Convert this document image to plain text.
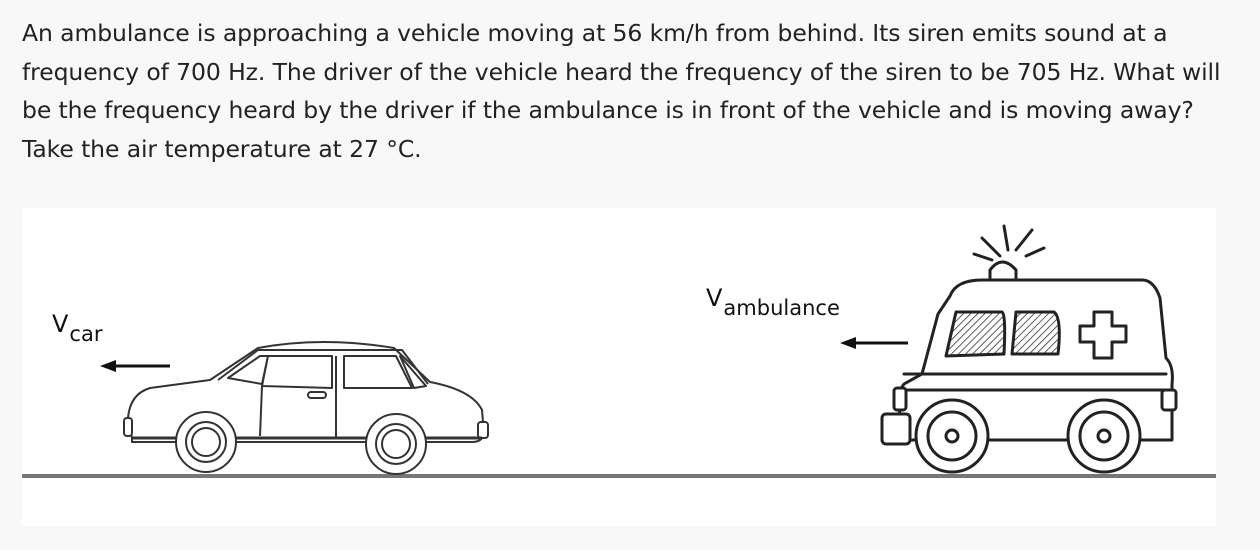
An ambulance is approaching a vehicle moving at 56 km/h from behind. Its siren emits sound at a frequency of 700 Hz. The driver of the vehicle heard the frequency of the siren to be 705 Hz. What will be the frequency heard by the driver if the ambulance is in front of the vehicle and is moving away? Take the air temperature at 27 °C.

Vcar
Vambulance
